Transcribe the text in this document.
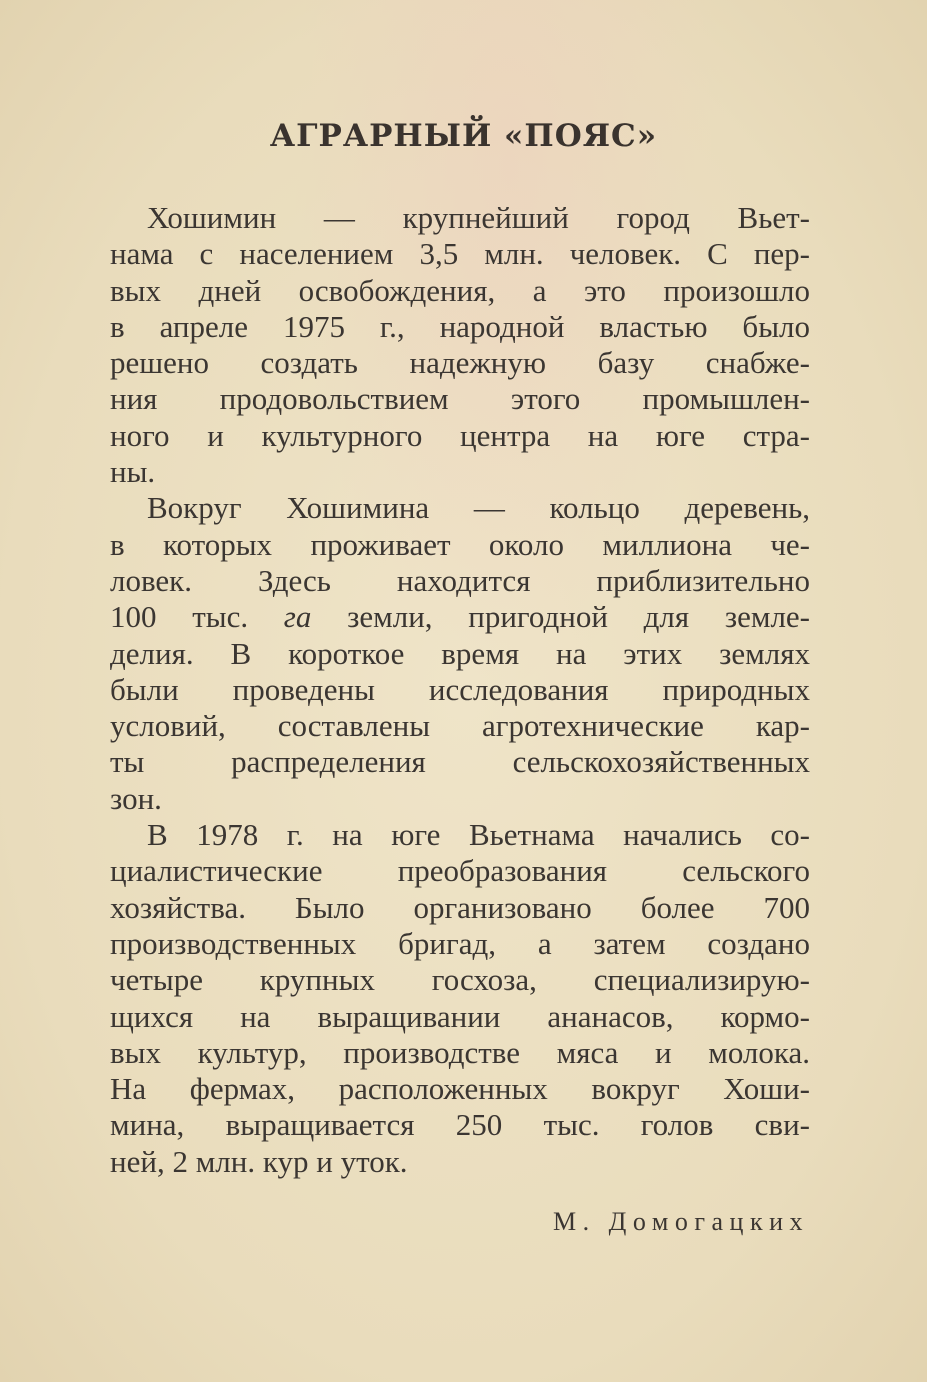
АГРАРНЫЙ «ПОЯС»
Хошимин — крупнейший город Вьет-
нама с населением 3,5 млн. человек. С пер-
вых дней освобождения, а это произошло
в апреле 1975 г., народной властью было
решено создать надежную базу снабже-
ния продовольствием этого промышлен-
ного и культурного центра на юге стра-
ны.
Вокруг Хошимина — кольцо деревень,
в которых проживает около миллиона че-
ловек. Здесь находится приблизительно
100 тыс. га земли, пригодной для земле-
делия. В короткое время на этих землях
были проведены исследования природных
условий, составлены агротехнические кар-
ты распределения сельскохозяйственных
зон.
В 1978 г. на юге Вьетнама начались со-
циалистические преобразования сельского
хозяйства. Было организовано более 700
производственных бригад, а затем создано
четыре крупных госхоза, специализирую-
щихся на выращивании ананасов, кормо-
вых культур, производстве мяса и молока.
На фермах, расположенных вокруг Хоши-
мина, выращивается 250 тыс. голов сви-
ней, 2 млн. кур и уток.
М. Домогацких
